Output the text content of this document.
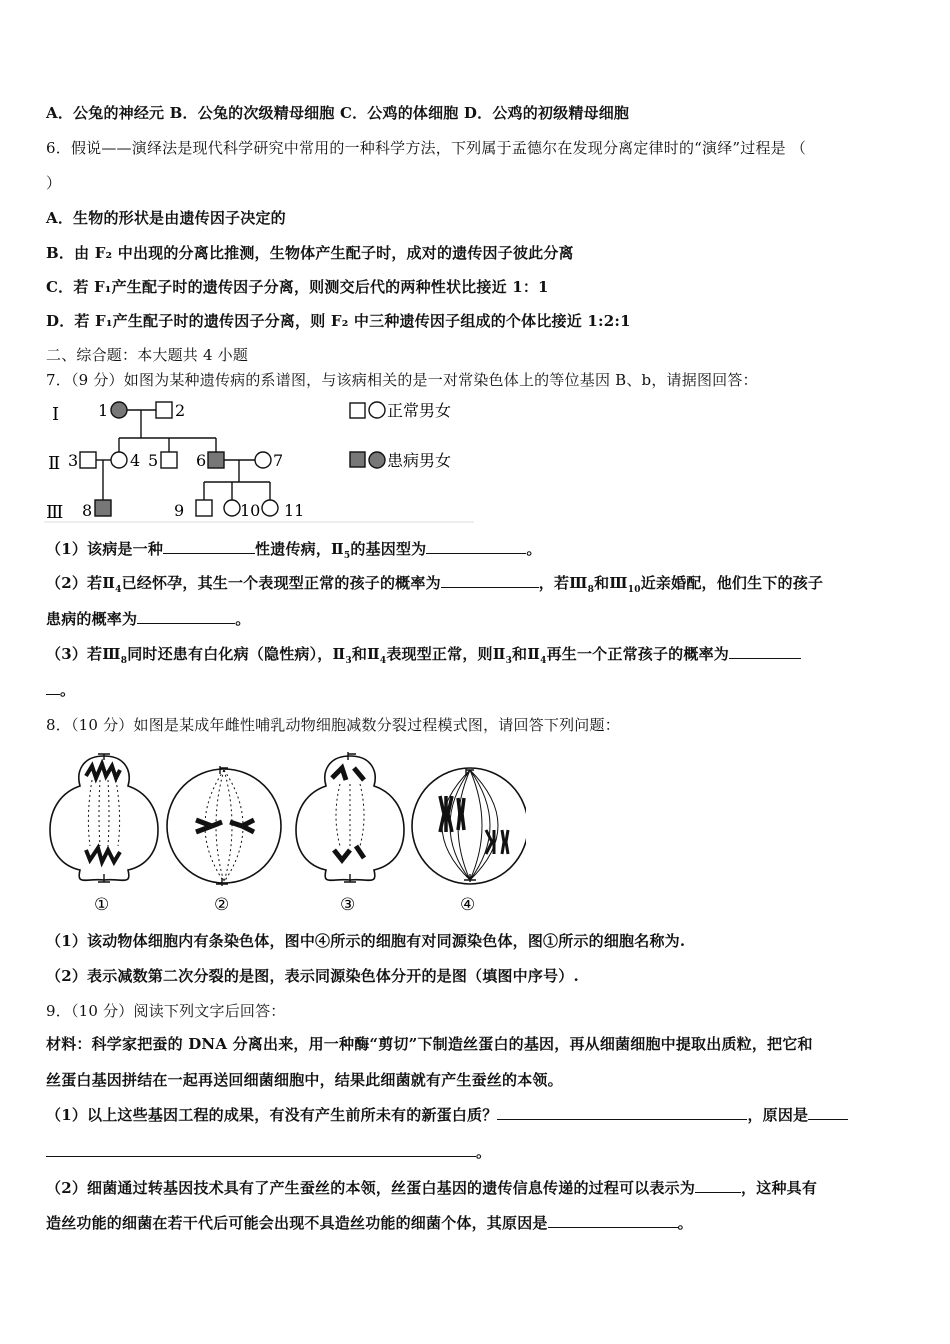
A．公兔的神经元 B．公兔的次级精母细胞 C．公鸡的体细胞 D．公鸡的初级精母细胞
6．假说——演绎法是现代科学研究中常用的一种科学方法，下列属于孟德尔在发现分离定律时的“演绎”过程是 （
）
A．生物的形状是由遗传因子决定的
B．由 F₂ 中出现的分离比推测，生物体产生配子时，成对的遗传因子彼此分离
C．若 F₁产生配子时的遗传因子分离，则测交后代的两种性状比接近 1：1
D．若 F₁产生配子时的遗传因子分离，则 F₂ 中三种遗传因子组成的个体比接近 1:2:1
二、综合题：本大题共 4 小题
7．（9 分）如图为某种遗传病的系谱图，与该病相关的是一对常染色体上的等位基因 B、b，请据图回答：
Ⅰ
Ⅱ
Ⅲ
1	2
3	4 5 6	7
8	9	10 11
正常男女
患病男女
（1）该病是一种	性遗传病，$Ⅱ_5$的基因型为	。
（2）若$Ⅱ_4$已经怀孕，其生一个表现型正常的孩子的概率为	，若$Ⅲ_8$和$Ⅲ_{10}$近亲婚配，他们生下的孩子
患病的概率为	。
（3）若$Ⅲ_8$同时还患有白化病（隐性病），$Ⅱ_3$和$Ⅱ_4$表现型正常，则$Ⅱ_3$和$Ⅱ_4$再生一个正常孩子的概率为
。
8．（10 分）如图是某成年雌性哺乳动物细胞减数分裂过程模式图，请回答下列问题：
①	②	③	④
（1）该动物体细胞内有条染色体，图中④所示的细胞有对同源染色体，图①所示的细胞名称为.
（2）表示减数第二次分裂的是图，表示同源染色体分开的是图（填图中序号）.
9．（10 分）阅读下列文字后回答：
材料：科学家把蚕的 DNA 分离出来，用一种酶“剪切”下制造丝蛋白的基因，再从细菌细胞中提取出质粒，把它和
丝蛋白基因拼结在一起再送回细菌细胞中，结果此细菌就有产生蚕丝的本领。
（1）以上这些基因工程的成果，有没有产生前所未有的新蛋白质？	，原因是
。
（2）细菌通过转基因技术具有了产生蚕丝的本领，丝蛋白基因的遗传信息传递的过程可以表示为	，这种具有
造丝功能的细菌在若干代后可能会出现不具造丝功能的细菌个体，其原因是	。
